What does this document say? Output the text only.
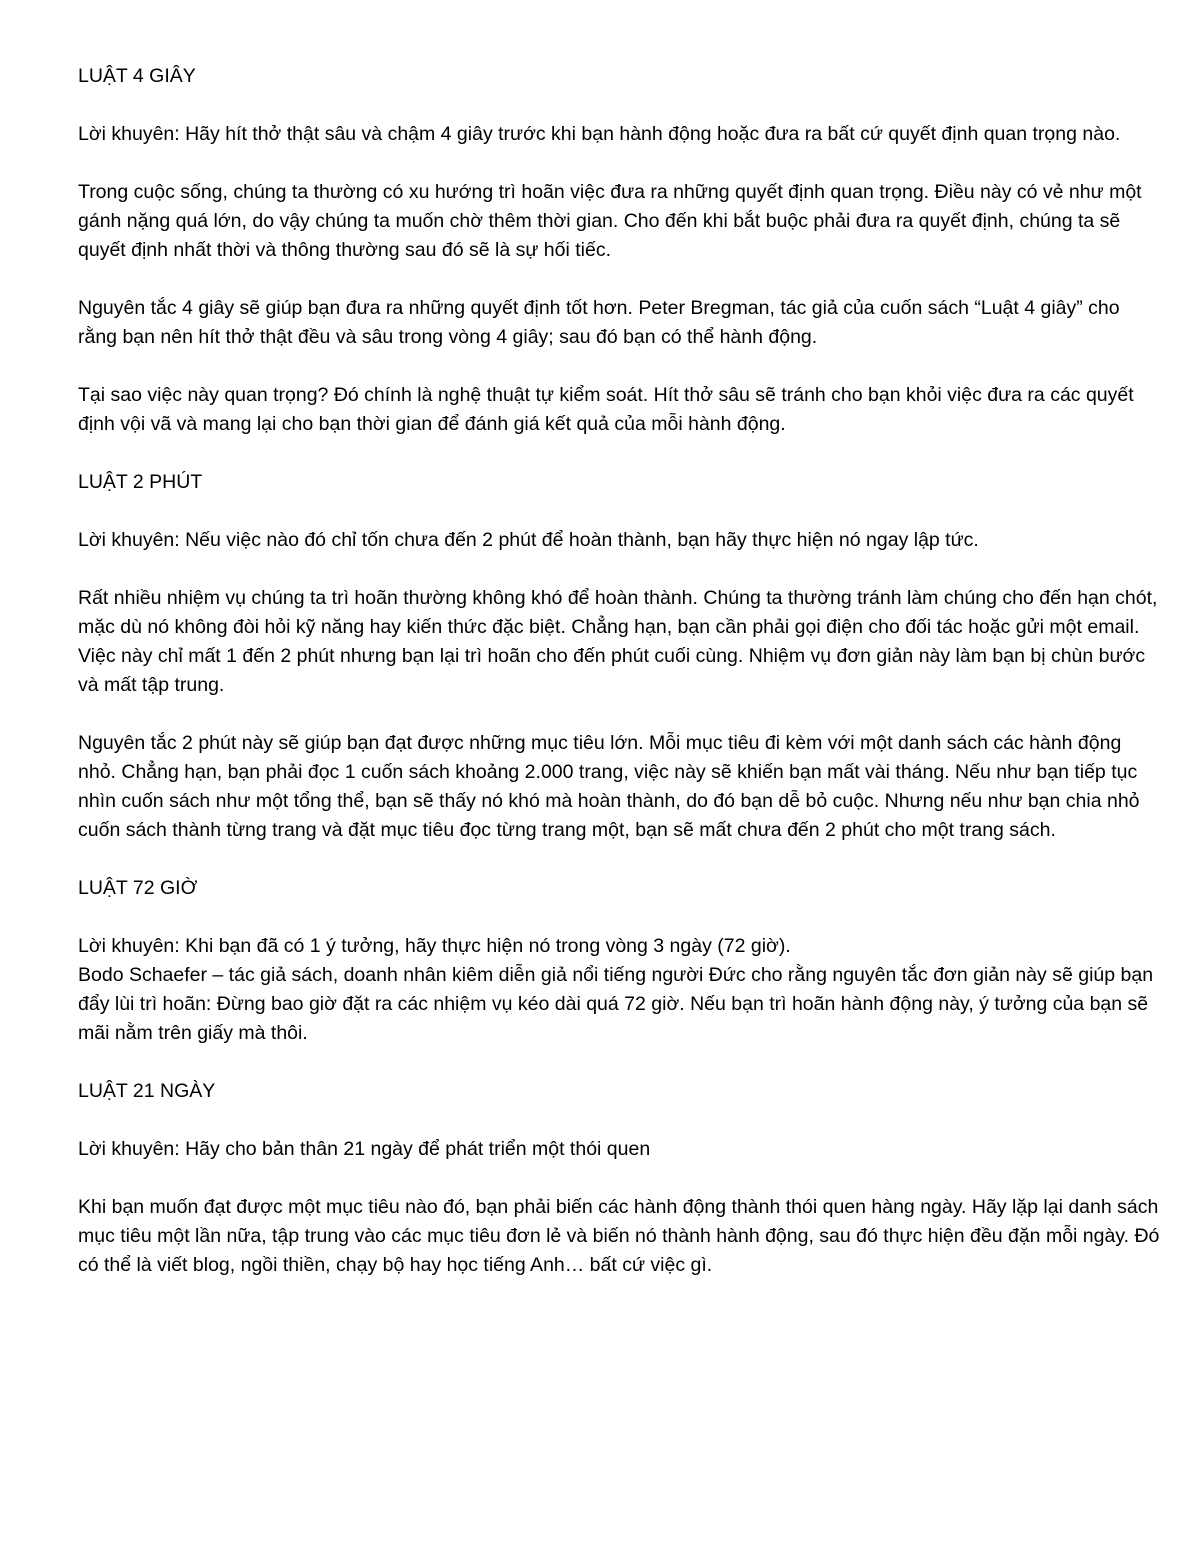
LUẬT 4 GIÂY

Lời khuyên: Hãy hít thở thật sâu và chậm 4 giây trước khi bạn hành động hoặc đưa ra bất cứ quyết định quan trọng nào.

Trong cuộc sống, chúng ta thường có xu hướng trì hoãn việc đưa ra những quyết định quan trọng. Điều này có vẻ như một gánh nặng quá lớn, do vậy chúng ta muốn chờ thêm thời gian. Cho đến khi bắt buộc phải đưa ra quyết định, chúng ta sẽ quyết định nhất thời và thông thường sau đó sẽ là sự hối tiếc.

Nguyên tắc 4 giây sẽ giúp bạn đưa ra những quyết định tốt hơn. Peter Bregman, tác giả của cuốn sách “Luật 4 giây” cho rằng bạn nên hít thở thật đều và sâu trong vòng 4 giây; sau đó bạn có thể hành động.

Tại sao việc này quan trọng? Đó chính là nghệ thuật tự kiểm soát. Hít thở sâu sẽ tránh cho bạn khỏi việc đưa ra các quyết định vội vã và mang lại cho bạn thời gian để đánh giá kết quả của mỗi hành động.

LUẬT 2 PHÚT

Lời khuyên: Nếu việc nào đó chỉ tốn chưa đến 2 phút để hoàn thành, bạn hãy thực hiện nó ngay lập tức.

Rất nhiều nhiệm vụ chúng ta trì hoãn thường không khó để hoàn thành. Chúng ta thường tránh làm chúng cho đến hạn chót, mặc dù nó không đòi hỏi kỹ năng hay kiến thức đặc biệt. Chẳng hạn, bạn cần phải gọi điện cho đối tác hoặc gửi một email. Việc này chỉ mất 1 đến 2 phút nhưng bạn lại trì hoãn cho đến phút cuối cùng. Nhiệm vụ đơn giản này làm bạn bị chùn bước và mất tập trung.

Nguyên tắc 2 phút này sẽ giúp bạn đạt được những mục tiêu lớn. Mỗi mục tiêu đi kèm với một danh sách các hành động nhỏ. Chẳng hạn, bạn phải đọc 1 cuốn sách khoảng 2.000 trang, việc này sẽ khiến bạn mất vài tháng. Nếu như bạn tiếp tục nhìn cuốn sách như một tổng thể, bạn sẽ thấy nó khó mà hoàn thành, do đó bạn dễ bỏ cuộc. Nhưng nếu như bạn chia nhỏ cuốn sách thành từng trang và đặt mục tiêu đọc từng trang một, bạn sẽ mất chưa đến 2 phút cho một trang sách.

LUẬT 72 GIỜ

Lời khuyên: Khi bạn đã có 1 ý tưởng, hãy thực hiện nó trong vòng 3 ngày (72 giờ).

Bodo Schaefer – tác giả sách, doanh nhân kiêm diễn giả nổi tiếng người Đức cho rằng nguyên tắc đơn giản này sẽ giúp bạn đẩy lùi trì hoãn: Đừng bao giờ đặt ra các nhiệm vụ kéo dài quá 72 giờ. Nếu bạn trì hoãn hành động này, ý tưởng của bạn sẽ mãi nằm trên giấy mà thôi.

LUẬT 21 NGÀY

Lời khuyên: Hãy cho bản thân 21 ngày để phát triển một thói quen

Khi bạn muốn đạt được một mục tiêu nào đó, bạn phải biến các hành động thành thói quen hàng ngày. Hãy lặp lại danh sách mục tiêu một lần nữa, tập trung vào các mục tiêu đơn lẻ và biến nó thành hành động, sau đó thực hiện đều đặn mỗi ngày. Đó có thể là viết blog, ngồi thiền, chạy bộ hay học tiếng Anh… bất cứ việc gì.
